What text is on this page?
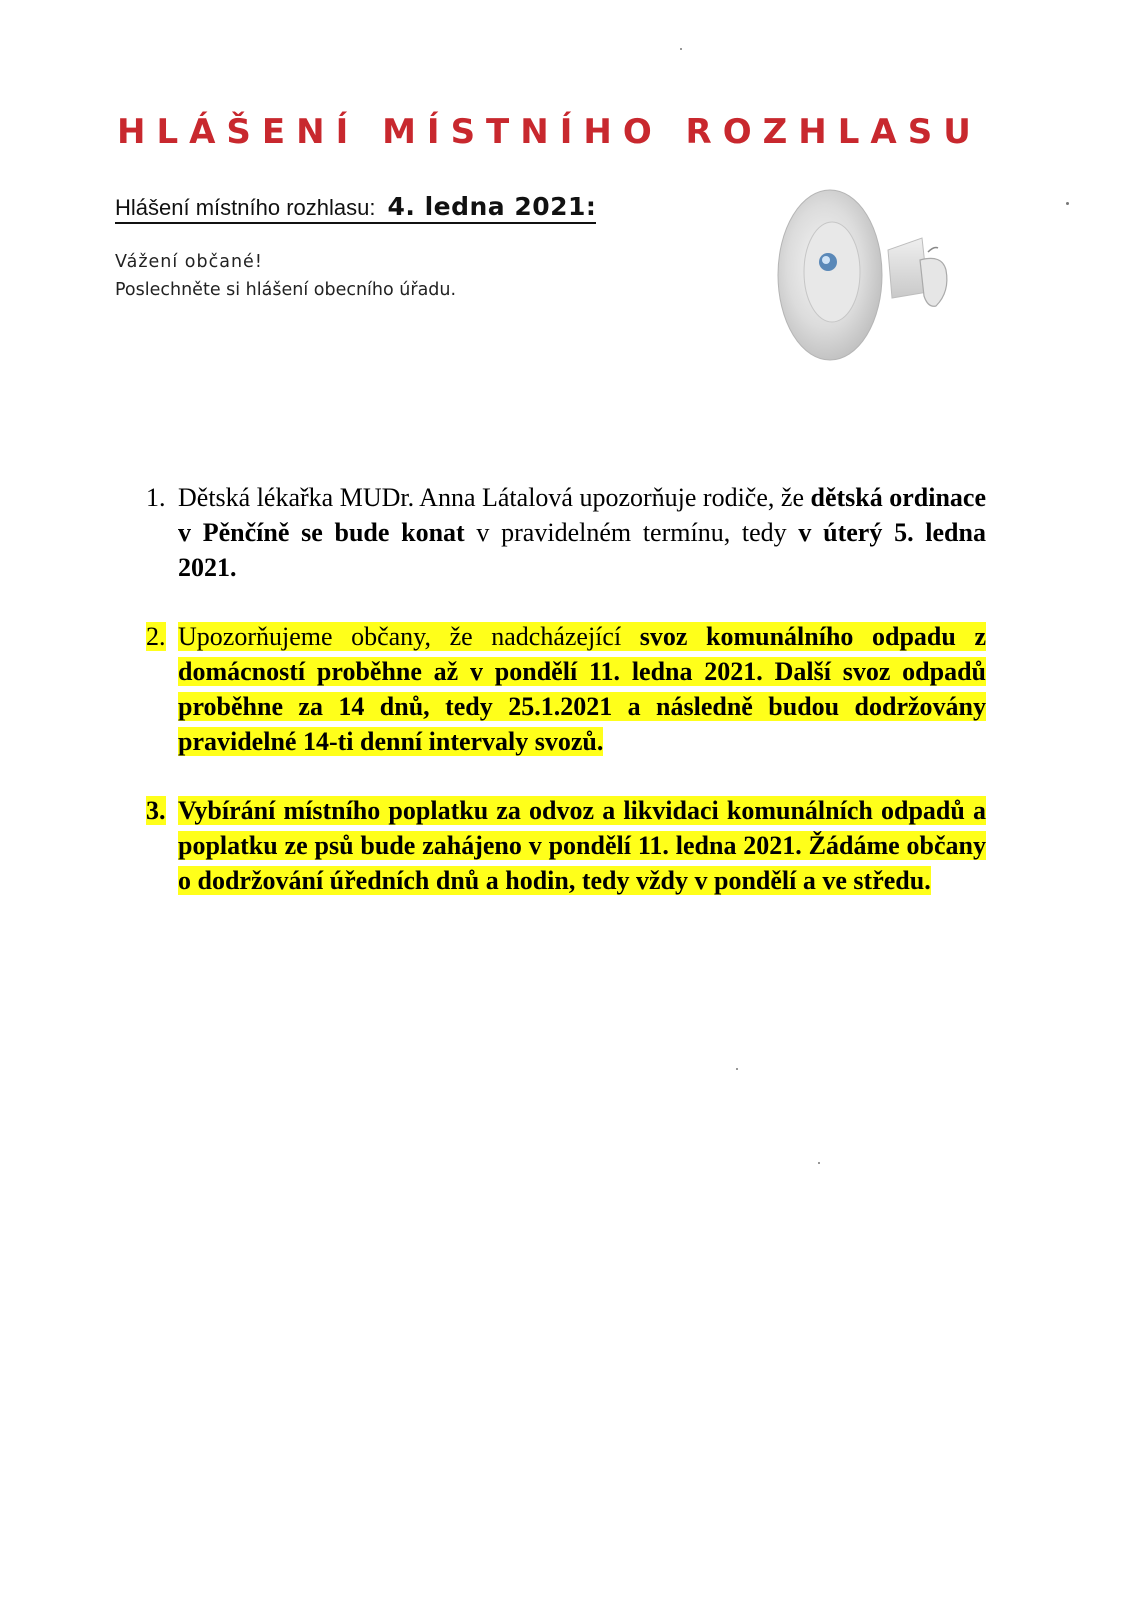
HLÁŠENÍ MÍSTNÍHO ROZHLASU
Hlášení místního rozhlasu: 4. ledna 2021:
Vážení občané!
Poslechněte si hlášení obecního úřadu.
1. Dětská lékařka MUDr. Anna Látalová upozorňuje rodiče, že dětská ordinace v Pěnčíně se bude konat v pravidelném termínu, tedy v úterý 5. ledna 2021.
2. Upozorňujeme občany, že nadcházející svoz komunálního odpadu z domácností proběhne až v pondělí 11. ledna 2021. Další svoz odpadů proběhne za 14 dnů, tedy 25.1.2021 a následně budou dodržovány pravidelné 14-ti denní intervaly svozů.
3. Vybírání místního poplatku za odvoz a likvidaci komunálních odpadů a poplatku ze psů bude zahájeno v pondělí 11. ledna 2021. Žádáme občany o dodržování úředních dnů a hodin, tedy vždy v pondělí a ve středu.
